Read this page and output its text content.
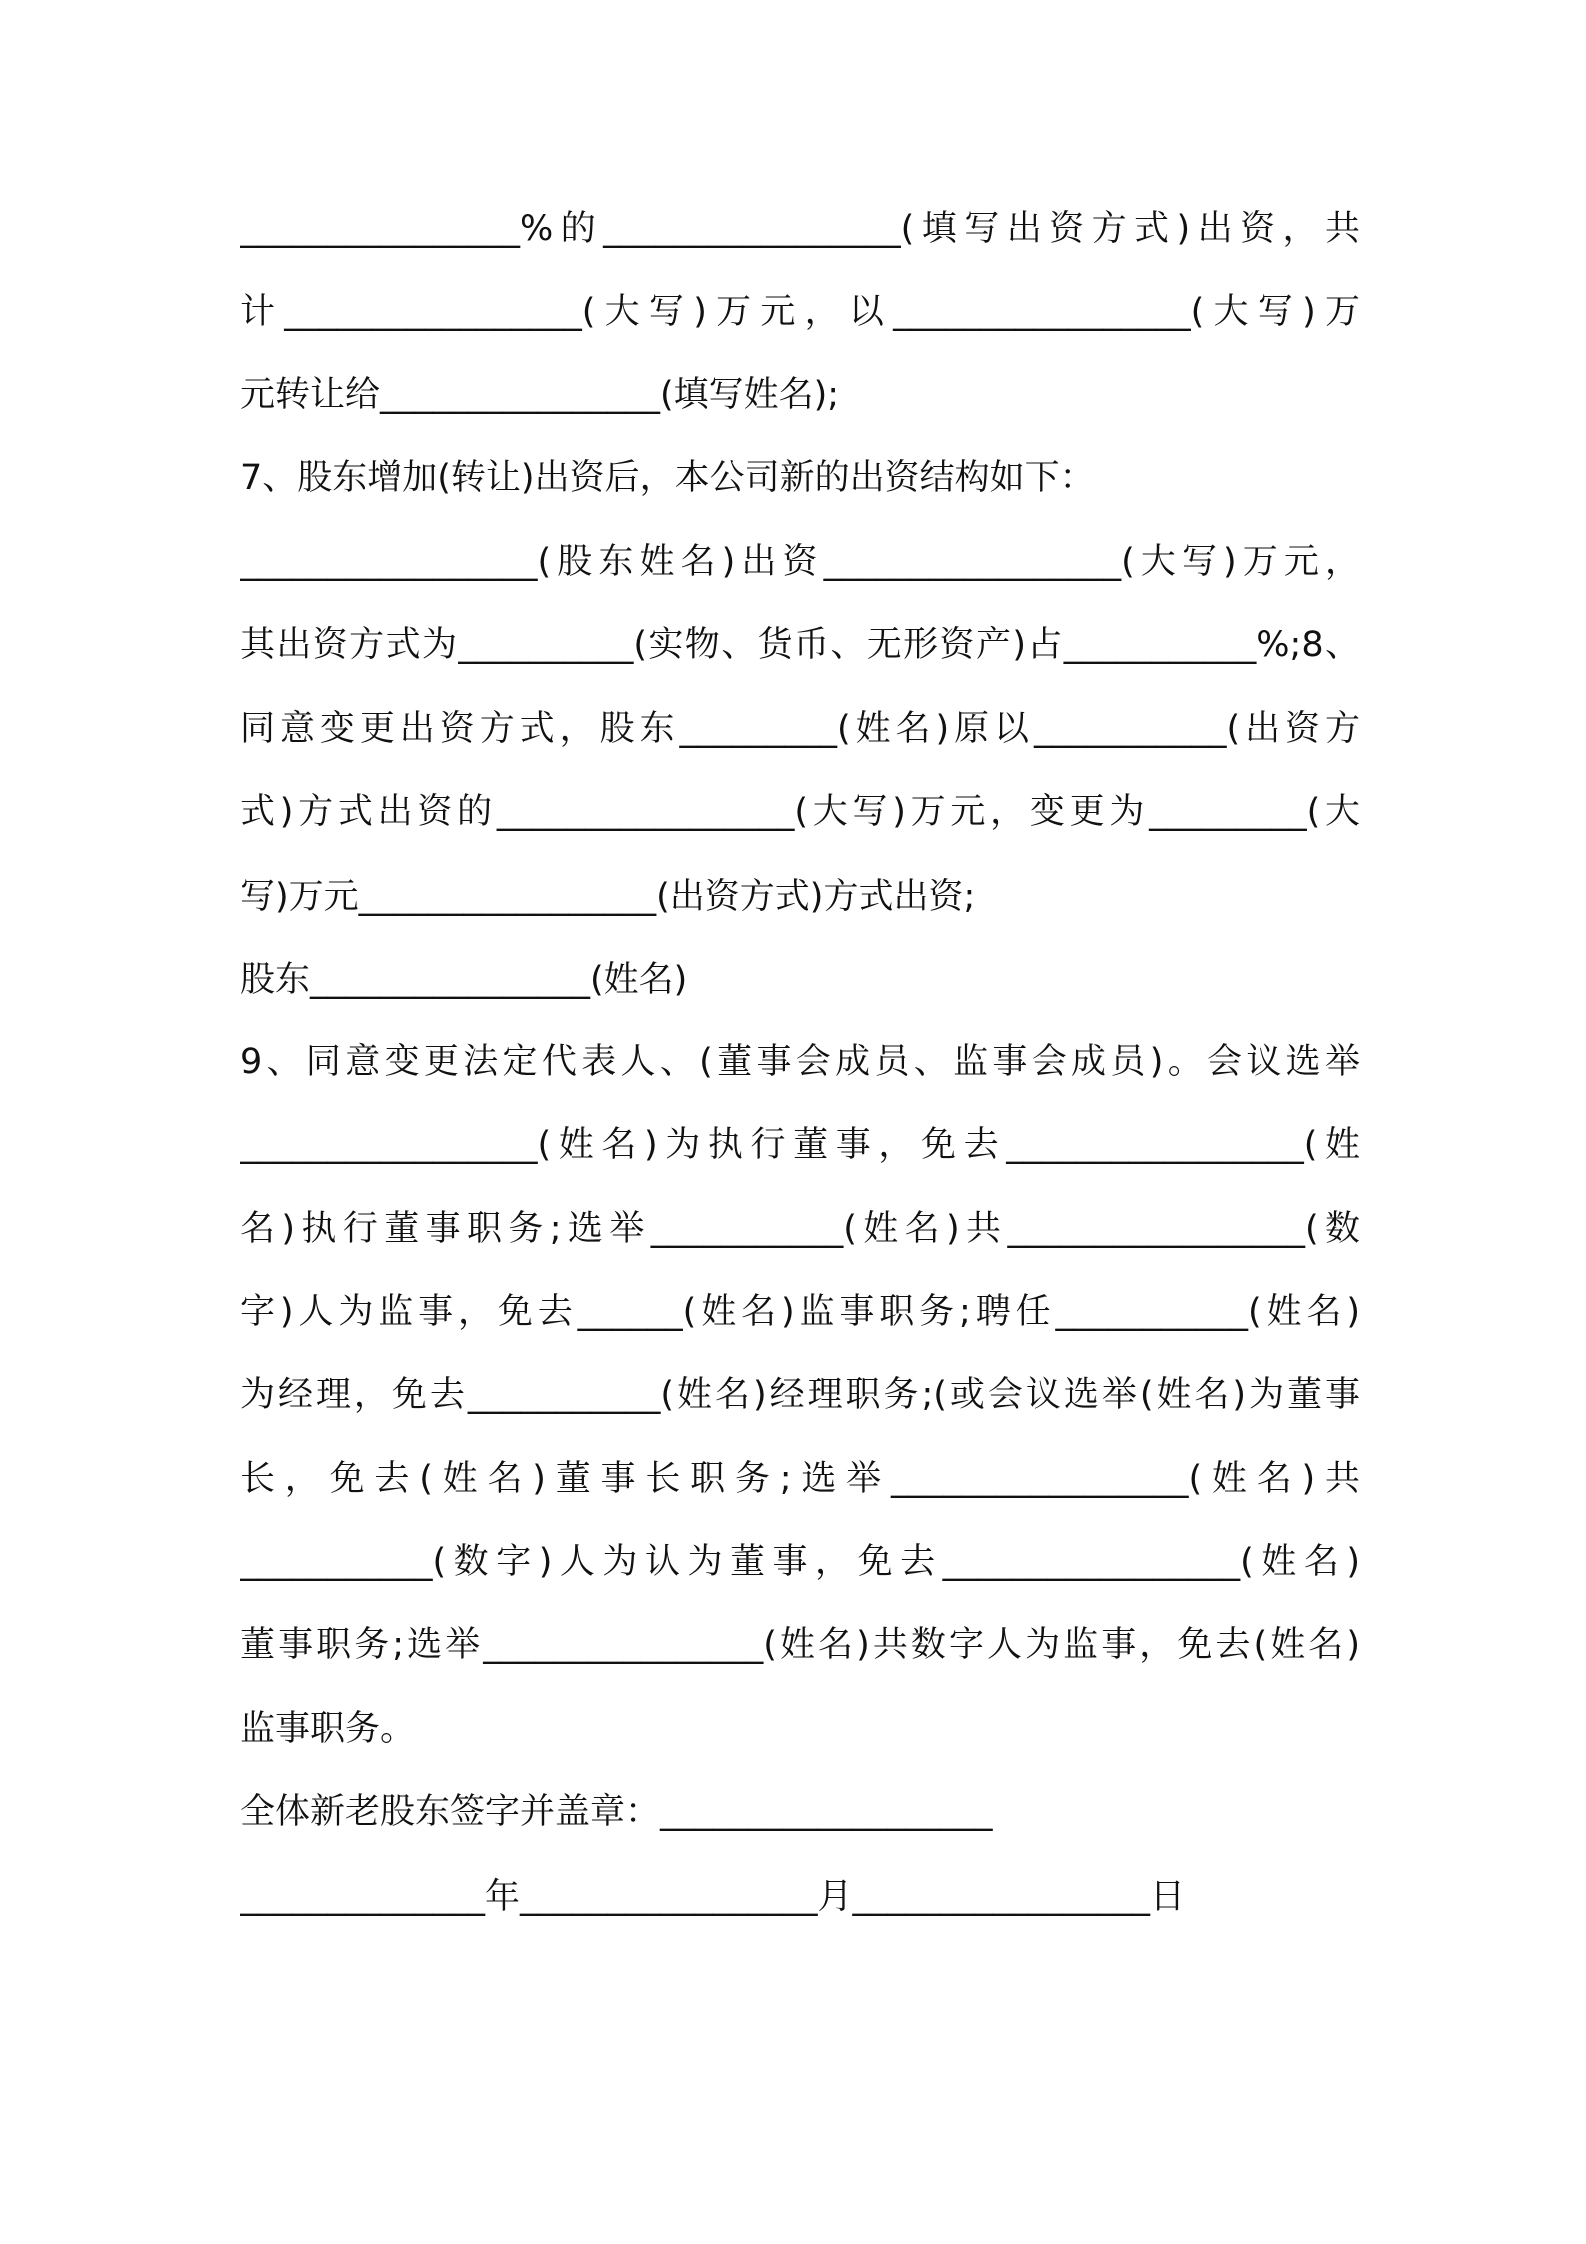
________________%的_________________(填写出资方式)出资，共
计_________________(大写)万元，以_________________(大写)万
元转让给________________(填写姓名);
7、股东增加(转让)出资后，本公司新的出资结构如下：
_________________(股东姓名)出资_________________(大写)万元，
其出资方式为__________(实物、货币、无形资产)占___________%;8、
同意变更出资方式，股东_________(姓名)原以___________(出资方
式)方式出资的_________________(大写)万元，变更为_________(大
写)万元_________________(出资方式)方式出资;
股东________________(姓名)
9、同意变更法定代表人、(董事会成员、监事会成员)。会议选举
_________________(姓名)为执行董事，免去_________________(姓
名)执行董事职务;选举___________(姓名)共_________________(数
字)人为监事，免去______(姓名)监事职务;聘任___________(姓名)
为经理，免去___________(姓名)经理职务;(或会议选举(姓名)为董事
长，免去(姓名)董事长职务;选举_________________(姓名)共
___________(数字)人为认为董事，免去_________________(姓名)
董事职务;选举________________(姓名)共数字人为监事，免去(姓名)
监事职务。
全体新老股东签字并盖章：___________________
______________年_________________月_________________日
